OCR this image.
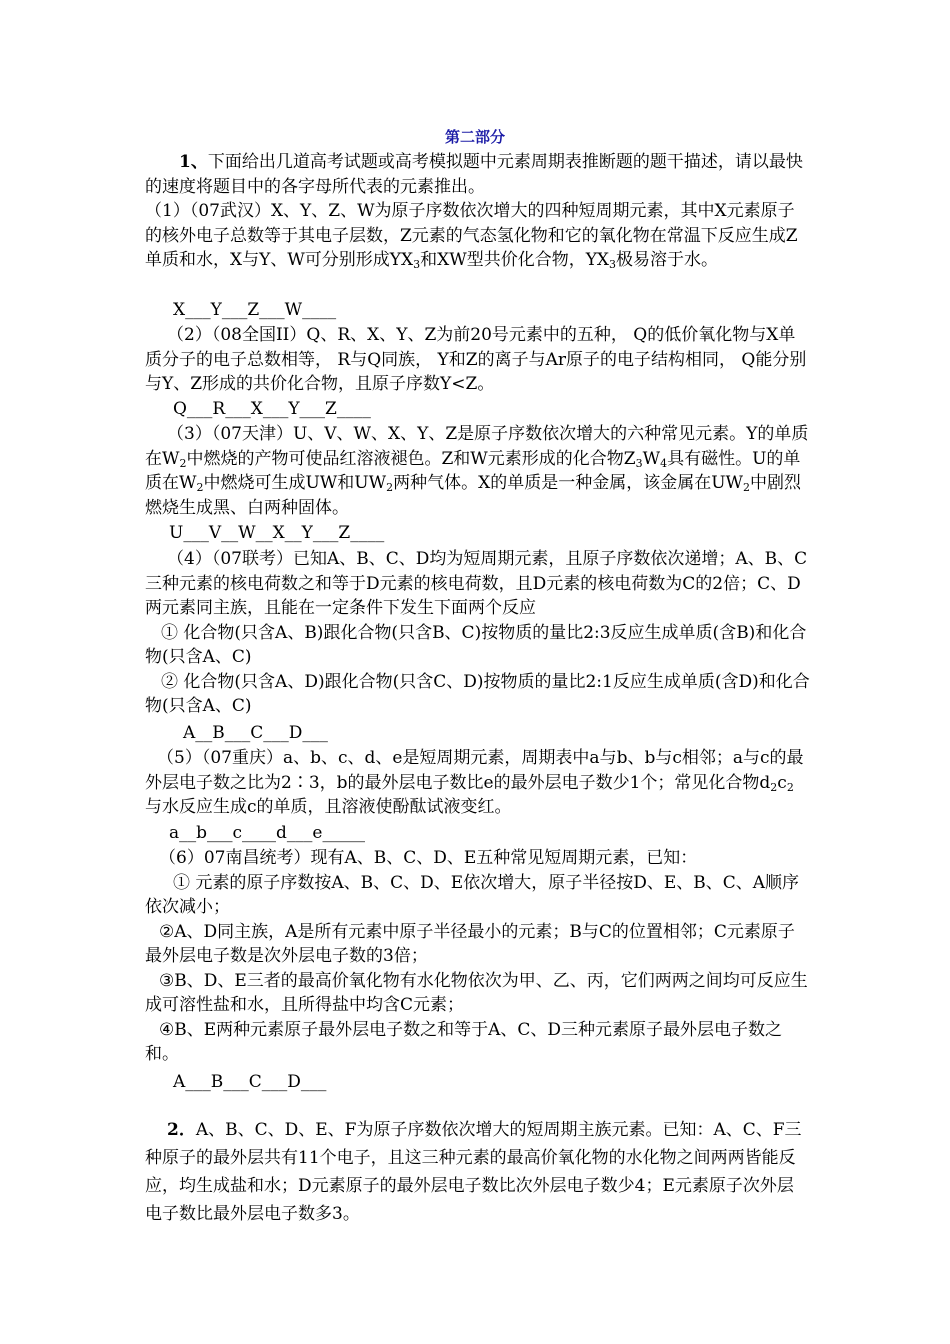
第二部分

1、下面给出几道高考试题或高考模拟题中元素周期表推断题的题干描述，请以最快的速度将题目中的各字母所代表的元素推出。

（1）（07武汉）X、Y、Z、W为原子序数依次增大的四种短周期元素，其中X元素原子的核外电子总数等于其电子层数，Z元素的气态氢化物和它的氧化物在常温下反应生成Z单质和水，X与Y、W可分别形成$YX_3$和XW型共价化合物，$YX_3$极易溶于水。

X___Y___Z___W____

（2）（08全国II）Q、R、X、Y、Z为前20号元素中的五种， Q的低价氧化物与X单质分子的电子总数相等， R与Q同族， Y和Z的离子与Ar原子的电子结构相同， Q能分别与Y、Z形成的共价化合物，且原子序数Y<Z。

Q___R___X___Y___Z____

（3）（07天津）U、V、W、X、Y、Z是原子序数依次增大的六种常见元素。Y的单质在$W_2$中燃烧的产物可使品红溶液褪色。Z和W元素形成的化合物$Z_3W_4$具有磁性。U的单质在$W_2$中燃烧可生成UW和$UW_2$两种气体。X的单质是一种金属，该金属在$UW_2$中剧烈燃烧生成黑、白两种固体。

U___V__W__X__Y___Z____

（4）（07联考）已知A、B、C、D均为短周期元素，且原子序数依次递增；A、B、C三种元素的核电荷数之和等于D元素的核电荷数，且D元素的核电荷数为C的2倍；C、D两元素同主族，且能在一定条件下发生下面两个反应

① 化合物(只含A、B)跟化合物(只含B、C)按物质的量比2:3反应生成单质(含B)和化合物(只含A、C)

② 化合物(只含A、D)跟化合物(只含C、D)按物质的量比2:1反应生成单质(含D)和化合物(只含A、C)

A__B___C___D___

（5）（07重庆）a、b、c、d、e是短周期元素，周期表中a与b、b与c相邻；a与c的最外层电子数之比为2∶3，b的最外层电子数比e的最外层电子数少1个；常见化合物$d_2c_2$与水反应生成c的单质，且溶液使酚酞试液变红。

a__b___c____d___e_____

（6）07南昌统考）现有A、B、C、D、E五种常见短周期元素，已知：

① 元素的原子序数按A、B、C、D、E依次增大，原子半径按D、E、B、C、A顺序依次减小；

②A、D同主族，A是所有元素中原子半径最小的元素；B与C的位置相邻；C元素原子最外层电子数是次外层电子数的3倍；

③B、D、E三者的最高价氧化物有水化物依次为甲、乙、丙，它们两两之间均可反应生成可溶性盐和水，且所得盐中均含C元素；

④B、E两种元素原子最外层电子数之和等于A、C、D三种元素原子最外层电子数之和。

A___B___C___D___

2．A、B、C、D、E、F为原子序数依次增大的短周期主族元素。已知：A、C、F三种原子的最外层共有11个电子，且这三种元素的最高价氧化物的水化物之间两两皆能反应，均生成盐和水；D元素原子的最外层电子数比次外层电子数少4；E元素原子次外层电子数比最外层电子数多3。
